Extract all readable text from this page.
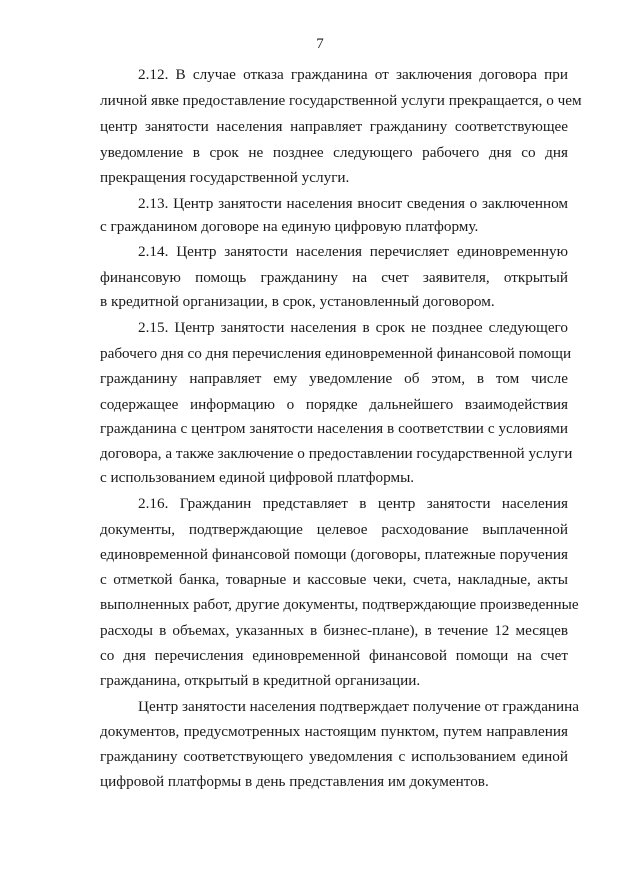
7
2.12. В случае отказа гражданина от заключения договора при
личной явке предоставление государственной услуги прекращается, о чем
центр занятости населения направляет гражданину соответствующее
уведомление в срок не позднее следующего рабочего дня со дня
прекращения государственной услуги.
2.13. Центр занятости населения вносит сведения о заключенном
с гражданином договоре на единую цифровую платформу.
2.14. Центр занятости населения перечисляет единовременную
финансовую помощь гражданину на счет заявителя, открытый
в кредитной организации, в срок, установленный договором.
2.15. Центр занятости населения в срок не позднее следующего
рабочего дня со дня перечисления единовременной финансовой помощи
гражданину направляет ему уведомление об этом, в том числе
содержащее информацию о порядке дальнейшего взаимодействия
гражданина с центром занятости населения в соответствии с условиями
договора, а также заключение о предоставлении государственной услуги
с использованием единой цифровой платформы.
2.16. Гражданин представляет в центр занятости населения
документы, подтверждающие целевое расходование выплаченной
единовременной финансовой помощи (договоры, платежные поручения
с отметкой банка, товарные и кассовые чеки, счета, накладные, акты
выполненных работ, другие документы, подтверждающие произведенные
расходы в объемах, указанных в бизнес-плане), в течение 12 месяцев
со дня перечисления единовременной финансовой помощи на счет
гражданина, открытый в кредитной организации.
Центр занятости населения подтверждает получение от гражданина
документов, предусмотренных настоящим пунктом, путем направления
гражданину соответствующего уведомления с использованием единой
цифровой платформы в день представления им документов.
